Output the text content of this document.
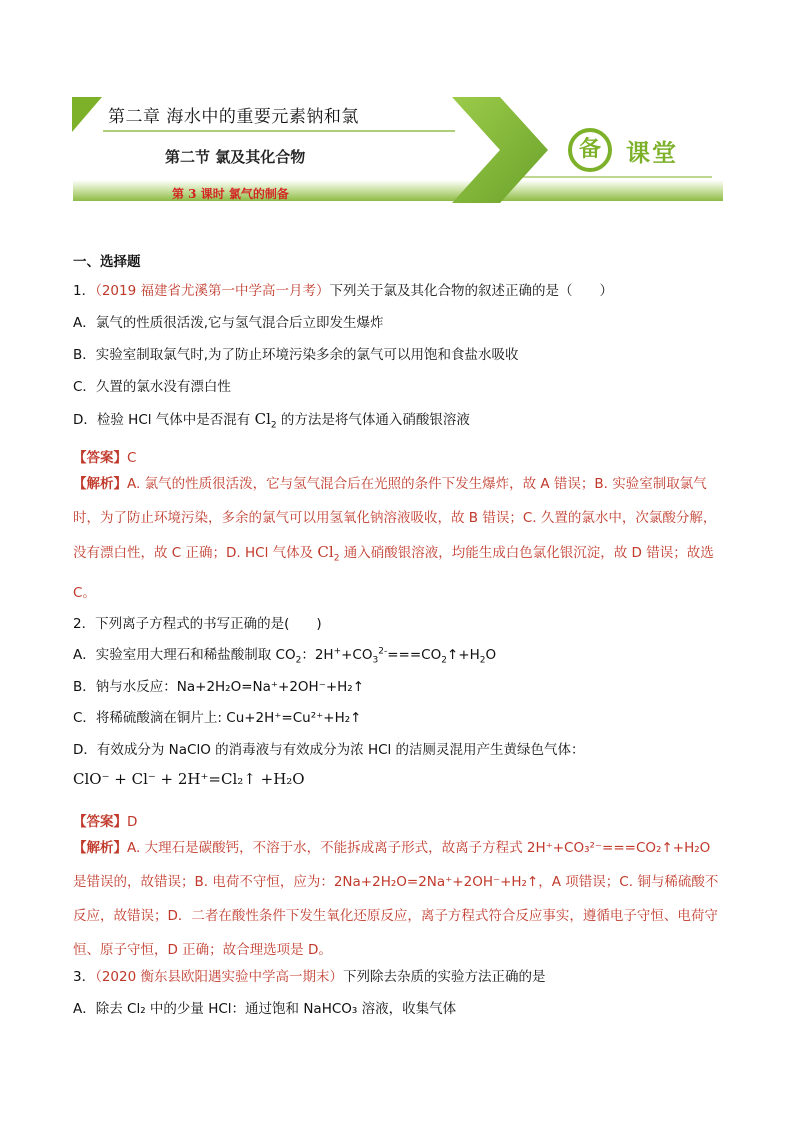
第二章 海水中的重要元素钠和氯
第二节 氯及其化合物
第 3 课时 氯气的制备
备	课堂
一、选择题
1．（2019 福建省尤溪第一中学高一月考）下列关于氯及其化合物的叙述正确的是（　　）
A．氯气的性质很活泼,它与氢气混合后立即发生爆炸
B．实验室制取氯气时,为了防止环境污染多余的氯气可以用饱和食盐水吸收
C．久置的氯水没有漂白性
D．检验 HCl 气体中是否混有 $Cl_2$ 的方法是将气体通入硝酸银溶液
【答案】C
【解析】A. 氯气的性质很活泼，它与氢气混合后在光照的条件下发生爆炸，故 A 错误；B. 实验室制取氯气时，为了防止环境污染，多余的氯气可以用氢氧化钠溶液吸收，故 B 错误；C. 久置的氯水中，次氯酸分解，没有漂白性，故 C 正确；D. HCl 气体及 $Cl_2$ 通入硝酸银溶液，均能生成白色氯化银沉淀，故 D 错误；故选 C。
2．下列离子方程式的书写正确的是(　　)
A．实验室用大理石和稀盐酸制取 $CO_2$：$2H^++CO_3^{2-}===CO_2↑+H_2O$
B．钠与水反应：Na+2H₂O=Na⁺+2OH⁻+H₂↑
C．将稀硫酸滴在铜片上: Cu+2H⁺=Cu²⁺+H₂↑
D．有效成分为 NaClO 的消毒液与有效成分为浓 HCl 的洁厕灵混用产生黄绿色气体：
ClO⁻ + Cl⁻ + 2H⁺=Cl₂↑ +H₂O
【答案】D
【解析】A. 大理石是碳酸钙，不溶于水，不能拆成离子形式，故离子方程式 2H⁺+CO₃²⁻===CO₂↑+H₂O 是错误的，故错误；B. 电荷不守恒，应为：2Na+2H₂O=2Na⁺+2OH⁻+H₂↑，A 项错误；C. 铜与稀硫酸不反应，故错误；D．二者在酸性条件下发生氧化还原反应，离子方程式符合反应事实，遵循电子守恒、电荷守恒、原子守恒，D 正确；故合理选项是 D。
3．（2020 衡东县欧阳遇实验中学高一期末）下列除去杂质的实验方法正确的是
A．除去 Cl₂ 中的少量 HCl：通过饱和 NaHCO₃ 溶液，收集气体
